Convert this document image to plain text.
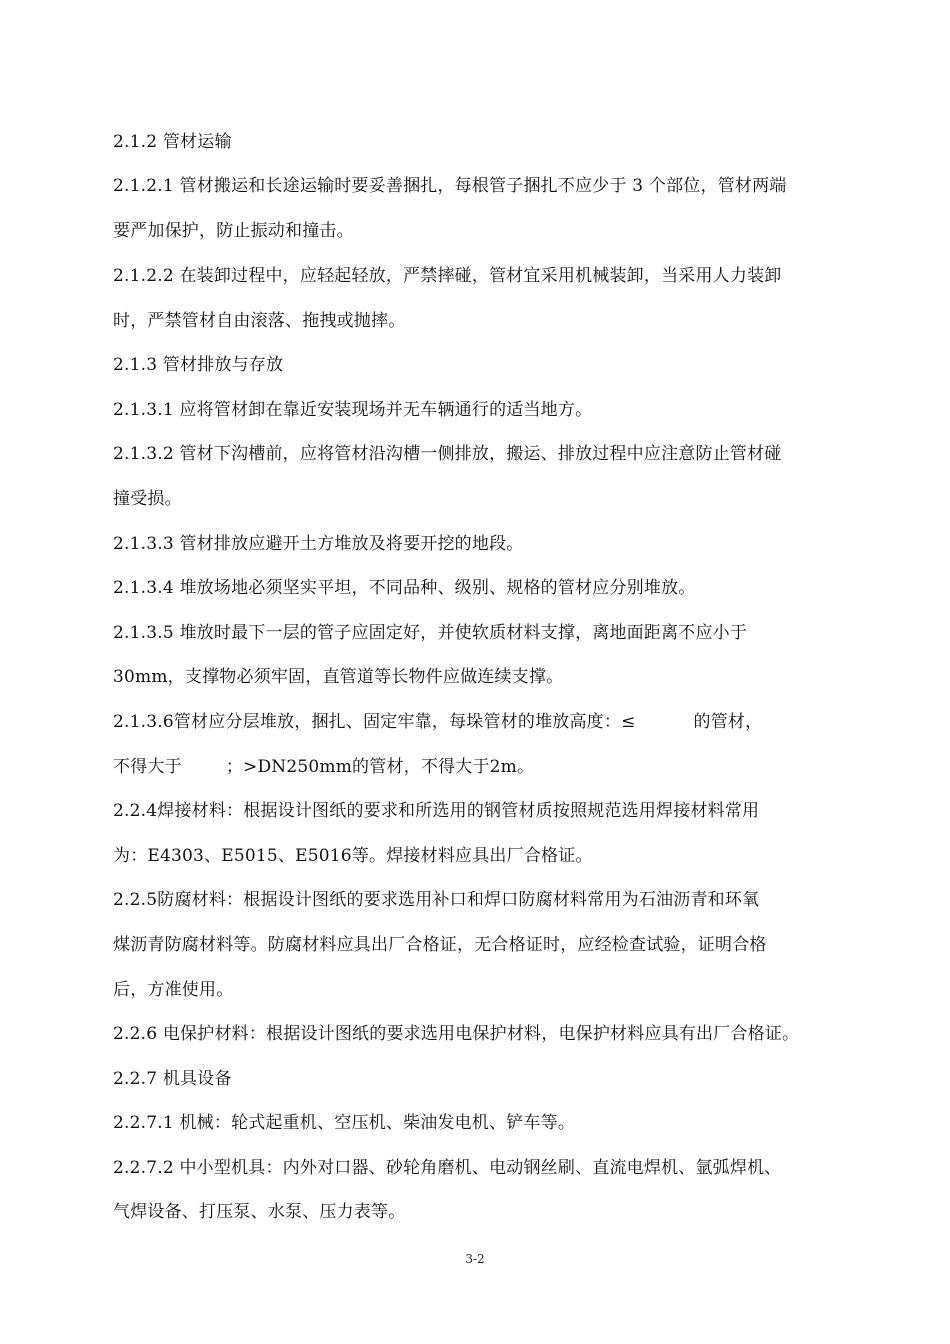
2.1.2 管材运输
2.1.2.1 管材搬运和长途运输时要妥善捆扎，每根管子捆扎不应少于 3 个部位，管材两端
要严加保护，防止振动和撞击。
2.1.2.2 在装卸过程中，应轻起轻放，严禁摔碰，管材宜采用机械装卸，当采用人力装卸
时，严禁管材自由滚落、拖拽或抛摔。
2.1.3 管材排放与存放
2.1.3.1 应将管材卸在靠近安装现场并无车辆通行的适当地方。
2.1.3.2 管材下沟槽前，应将管材沿沟槽一侧排放，搬运、排放过程中应注意防止管材碰
撞受损。
2.1.3.3 管材排放应避开土方堆放及将要开挖的地段。
2.1.3.4 堆放场地必须坚实平坦，不同品种、级别、规格的管材应分别堆放。
2.1.3.5 堆放时最下一层的管子应固定好，并使软质材料支撑，离地面距离不应小于
30mm，支撑物必须牢固，直管道等长物件应做连续支撑。
2.1.3.6管材应分层堆放，捆扎、固定牢靠，每垛管材的堆放高度：≤	的管材，
不得大于	；>DN250mm的管材，不得大于2m。
2.2.4焊接材料：根据设计图纸的要求和所选用的钢管材质按照规范选用焊接材料常用
为：E4303、E5015、E5016等。焊接材料应具出厂合格证。
2.2.5防腐材料：根据设计图纸的要求选用补口和焊口防腐材料常用为石油沥青和环氧
煤沥青防腐材料等。防腐材料应具出厂合格证，无合格证时，应经检查试验，证明合格
后，方准使用。
2.2.6 电保护材料：根据设计图纸的要求选用电保护材料，电保护材料应具有出厂合格证。
2.2.7 机具设备
2.2.7.1 机械：轮式起重机、空压机、柴油发电机、铲车等。
2.2.7.2 中小型机具：内外对口器、砂轮角磨机、电动钢丝刷、直流电焊机、氩弧焊机、
气焊设备、打压泵、水泵、压力表等。
3-2
